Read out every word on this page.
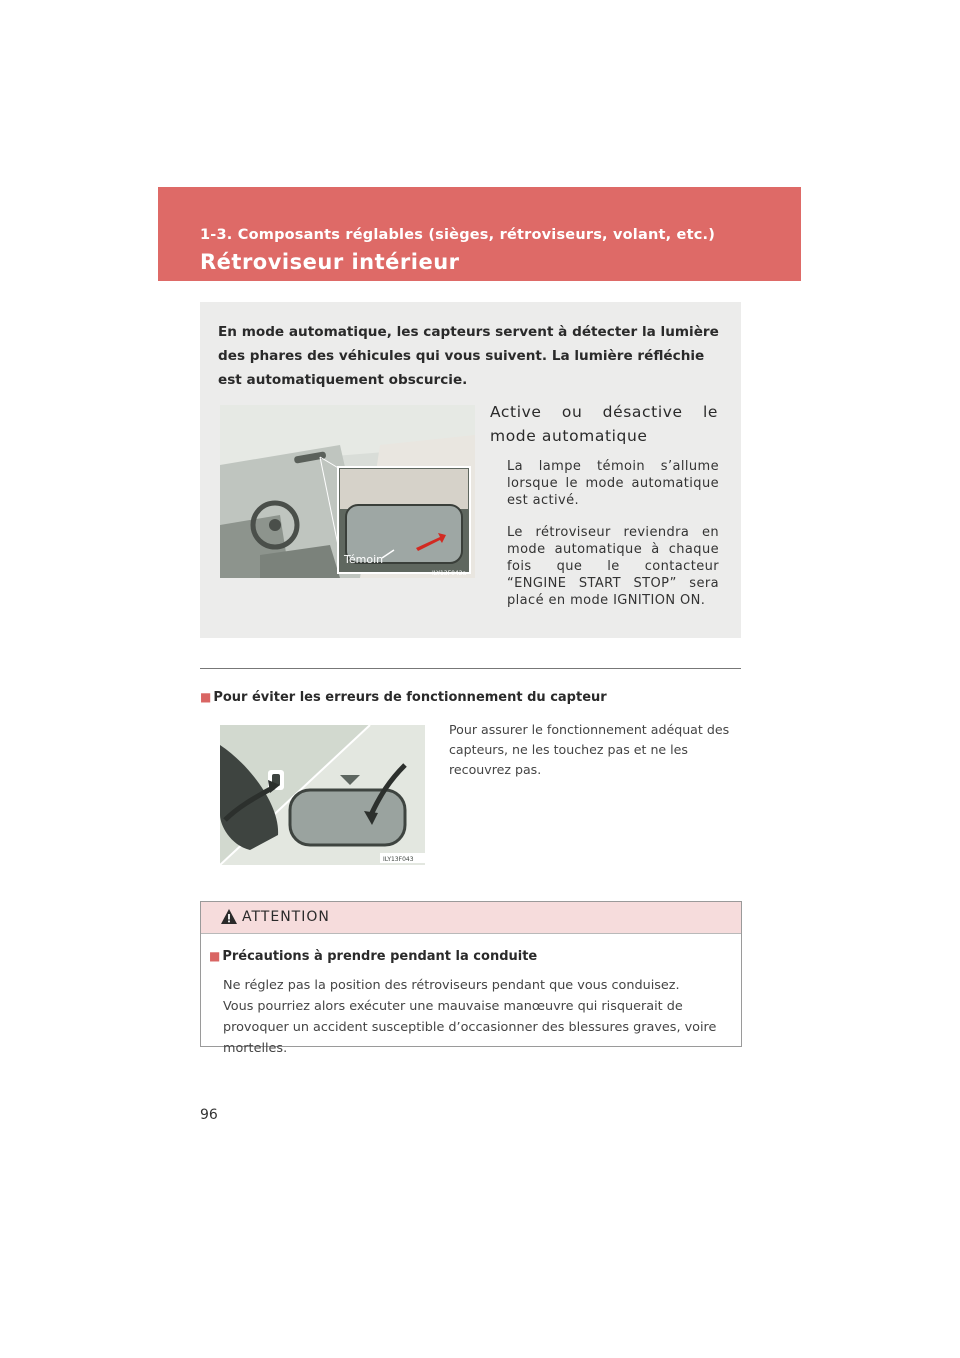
1-3. Composants réglables (sièges, rétroviseurs, volant, etc.)
Rétroviseur intérieur
En mode automatique, les capteurs servent à détecter la lumière des phares des véhicules qui vous suivent. La lumière réfléchie est automatiquement obscurcie.
Témoin
ILY13F042a
Active ou désactive le mode automatique
La lampe témoin s’allume lorsque le mode automatique est activé.
Le rétroviseur reviendra en mode automatique à chaque fois que le contacteur “ENGINE START STOP” sera placé en mode IGNITION ON.
■ Pour éviter les erreurs de fonctionnement du capteur
ILY13F043
Pour assurer le fonctionnement adéquat des capteurs, ne les touchez pas et ne les recouvrez pas.
ATTENTION
■ Précautions à prendre pendant la conduite
Ne réglez pas la position des rétroviseurs pendant que vous conduisez.
Vous pourriez alors exécuter une mauvaise manœuvre qui risquerait de provoquer un accident susceptible d’occasionner des blessures graves, voire mortelles.
96
